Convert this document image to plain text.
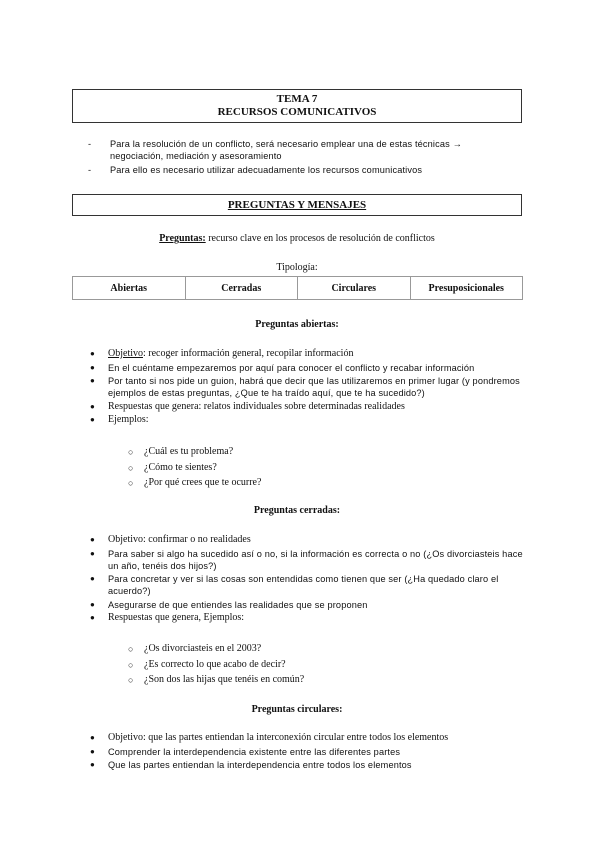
TEMA 7
RECURSOS COMUNICATIVOS
- Para la resolución de un conflicto, será necesario emplear una de estas técnicas → negociación, mediación y asesoramiento
- Para ello es necesario utilizar adecuadamente los recursos comunicativos
PREGUNTAS Y MENSAJES
Preguntas: recurso clave en los procesos de resolución de conflictos
Tipología:
Abiertas	Cerradas	Circulares	Presuposicionales
Preguntas abiertas:
● Objetivo: recoger información general, recopilar información
● En el cuéntame empezaremos por aquí para conocer el conflicto y recabar información
● Por tanto si nos pide un guion, habrá que decir que las utilizaremos en primer lugar (y pondremos ejemplos de estas preguntas, ¿Que te ha traído aquí, que te ha sucedido?)
● Respuestas que genera: relatos individuales sobre determinadas realidades
● Ejemplos:
○ ¿Cuál es tu problema?
○ ¿Cómo te sientes?
○ ¿Por qué crees que te ocurre?
Preguntas cerradas:
● Objetivo: confirmar o no realidades
● Para saber si algo ha sucedido así o no, si la información es correcta o no (¿Os divorciasteis hace un año, tenéis dos hijos?)
● Para concretar y ver si las cosas son entendidas como tienen que ser (¿Ha quedado claro el acuerdo?)
● Asegurarse de que entiendes las realidades que se proponen
● Respuestas que genera, Ejemplos:
○ ¿Os divorciasteis en el 2003?
○ ¿Es correcto lo que acabo de decir?
○ ¿Son dos las hijas que tenéis en común?
Preguntas circulares:
● Objetivo: que las partes entiendan la interconexión circular entre todos los elementos
● Comprender la interdependencia existente entre las diferentes partes
● Que las partes entiendan la interdependencia entre todos los elementos
